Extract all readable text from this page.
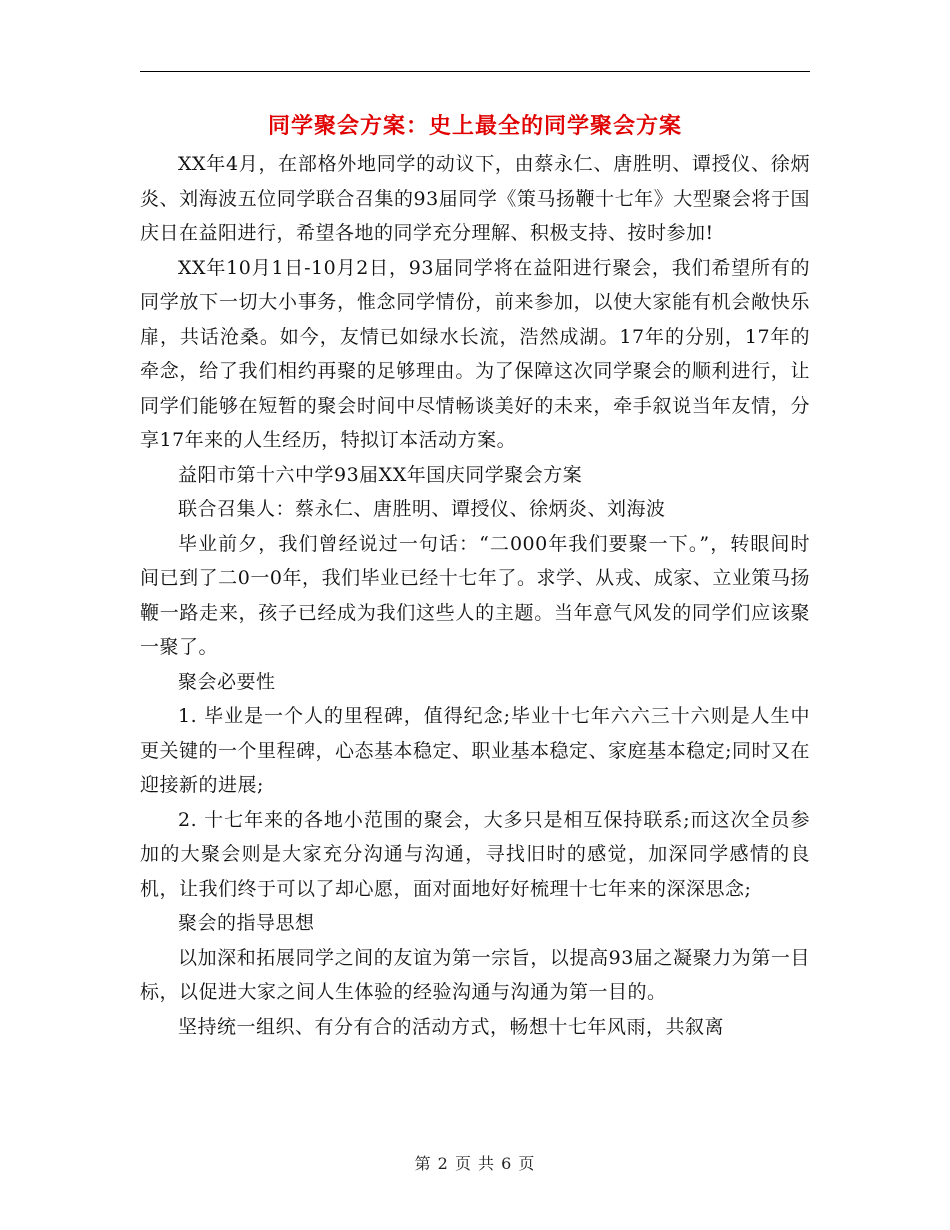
同学聚会方案：史上最全的同学聚会方案

XX年4月，在部格外地同学的动议下，由蔡永仁、唐胜明、谭授仪、徐炳炎、刘海波五位同学联合召集的93届同学《策马扬鞭十七年》大型聚会将于国庆日在益阳进行，希望各地的同学充分理解、积极支持、按时参加!

XX年10月1日-10月2日，93届同学将在益阳进行聚会，我们希望所有的同学放下一切大小事务，惟念同学情份，前来参加，以使大家能有机会敞快乐扉，共话沧桑。如今，友情已如绿水长流，浩然成湖。17年的分别，17年的牵念，给了我们相约再聚的足够理由。为了保障这次同学聚会的顺利进行，让同学们能够在短暂的聚会时间中尽情畅谈美好的未来，牵手叙说当年友情，分享17年来的人生经历，特拟订本活动方案。

益阳市第十六中学93届XX年国庆同学聚会方案

联合召集人：蔡永仁、唐胜明、谭授仪、徐炳炎、刘海波

毕业前夕，我们曾经说过一句话：“二000年我们要聚一下。”，转眼间时间已到了二0一0年，我们毕业已经十七年了。求学、从戎、成家、立业策马扬鞭一路走来，孩子已经成为我们这些人的主题。当年意气风发的同学们应该聚一聚了。

聚会必要性

1. 毕业是一个人的里程碑，值得纪念;毕业十七年六六三十六则是人生中更关键的一个里程碑，心态基本稳定、职业基本稳定、家庭基本稳定;同时又在迎接新的进展;

2. 十七年来的各地小范围的聚会，大多只是相互保持联系;而这次全员参加的大聚会则是大家充分沟通与沟通，寻找旧时的感觉，加深同学感情的良机，让我们终于可以了却心愿，面对面地好好梳理十七年来的深深思念;

聚会的指导思想

以加深和拓展同学之间的友谊为第一宗旨，以提高93届之凝聚力为第一目标，以促进大家之间人生体验的经验沟通与沟通为第一目的。

坚持统一组织、有分有合的活动方式，畅想十七年风雨，共叙离

第 2 页 共 6 页
